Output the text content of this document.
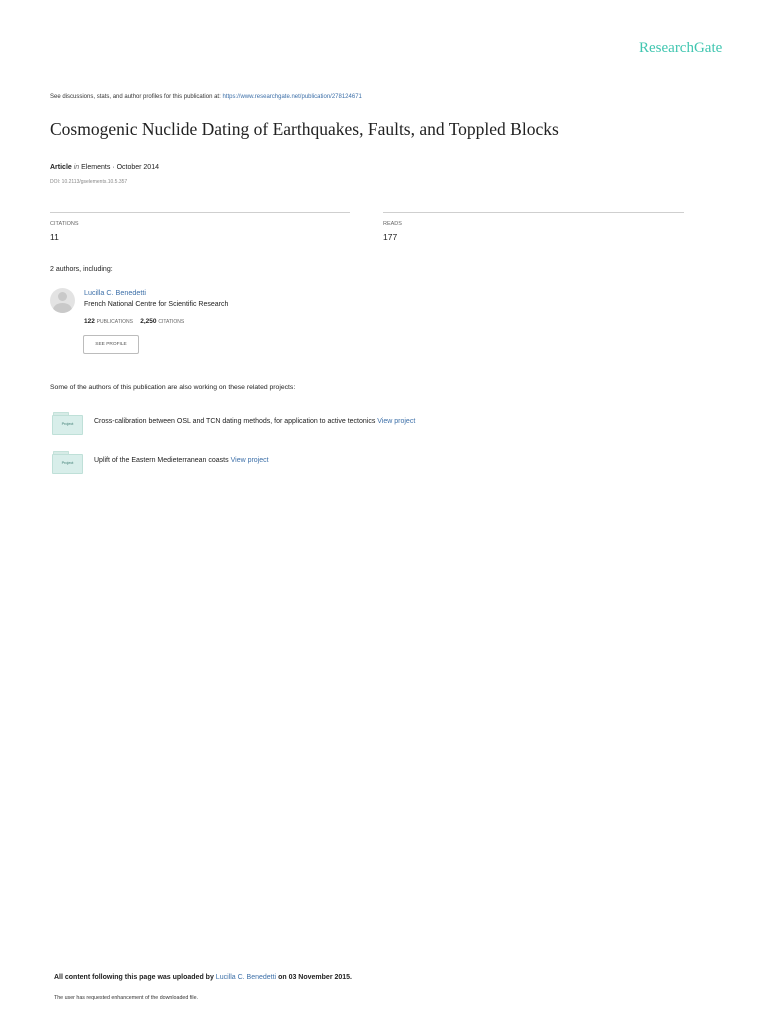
ResearchGate
See discussions, stats, and author profiles for this publication at: https://www.researchgate.net/publication/278124671
Cosmogenic Nuclide Dating of Earthquakes, Faults, and Toppled Blocks
Article in Elements · October 2014
DOI: 10.2113/gselements.10.5.357
CITATIONS
11
READS
177
2 authors, including:
Lucilla C. Benedetti
French National Centre for Scientific Research
122 PUBLICATIONS 2,250 CITATIONS
SEE PROFILE
Some of the authors of this publication are also working on these related projects:
Project	Cross-calibration between OSL and TCN dating methods, for application to active tectonics View project
Project	Uplift of the Eastern Medieterranean coasts View project
All content following this page was uploaded by Lucilla C. Benedetti on 03 November 2015.
The user has requested enhancement of the downloaded file.
